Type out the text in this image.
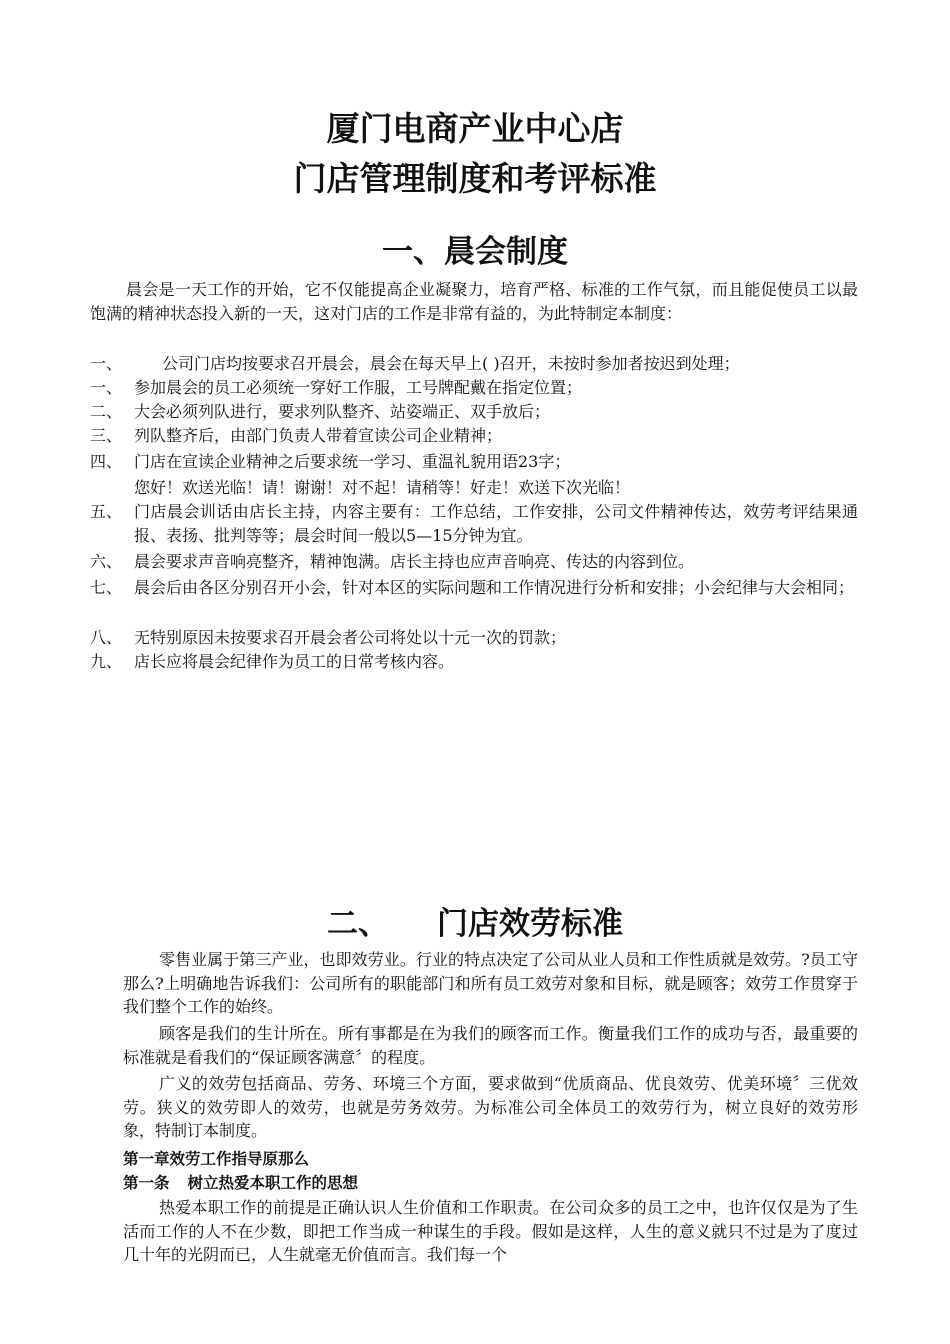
厦门电商产业中心店
门店管理制度和考评标准
一、晨会制度

晨会是一天工作的开始，它不仅能提高企业凝聚力，培育严格、标准的工作气氛，而且能促使员工以最饱满的精神状态投入新的一天，这对门店的工作是非常有益的，为此特制定本制度：

一、	公司门店均按要求召开晨会，晨会在每天早上( )召开，未按时参加者按迟到处理；
一、 参加晨会的员工必须统一穿好工作服，工号牌配戴在指定位置；
二、 大会必须列队进行，要求列队整齐、站姿端正、双手放后；
三、 列队整齐后，由部门负责人带着宣读公司企业精神；
四、 门店在宣读企业精神之后要求统一学习、重温礼貌用语23字；
您好！欢送光临！请！谢谢！对不起！请稍等！好走！欢送下次光临！
五、 门店晨会训话由店长主持，内容主要有：工作总结，工作安排，公司文件精神传达，效劳考评结果通报、表扬、批判等等；晨会时间一般以5—15分钟为宜。
六、 晨会要求声音响亮整齐，精神饱满。店长主持也应声音响亮、传达的内容到位。
七、 晨会后由各区分别召开小会，针对本区的实际问题和工作情况进行分析和安排；小会纪律与大会相同；
八、 无特别原因未按要求召开晨会者公司将处以十元一次的罚款；
九、 店长应将晨会纪律作为员工的日常考核内容。
二、 门店效劳标准

零售业属于第三产业，也即效劳业。行业的特点决定了公司从业人员和工作性质就是效劳。?员工守那么?上明确地告诉我们：公司所有的职能部门和所有员工效劳对象和目标，就是顾客；效劳工作贯穿于我们整个工作的始终。

顾客是我们的生计所在。所有事都是在为我们的顾客而工作。衡量我们工作的成功与否，最重要的标准就是看我们的“保证顾客满意〞的程度。

广义的效劳包括商品、劳务、环境三个方面，要求做到“优质商品、优良效劳、优美环境〞三优效劳。狭义的效劳即人的效劳，也就是劳务效劳。为标准公司全体员工的效劳行为，树立良好的效劳形象，特制订本制度。

第一章效劳工作指导原那么
第一条 树立热爱本职工作的思想

热爱本职工作的前提是正确认识人生价值和工作职责。在公司众多的员工之中，也许仅仅是为了生活而工作的人不在少数，即把工作当成一种谋生的手段。假如是这样，人生的意义就只不过是为了度过几十年的光阴而已，人生就毫无价值而言。我们每一个
